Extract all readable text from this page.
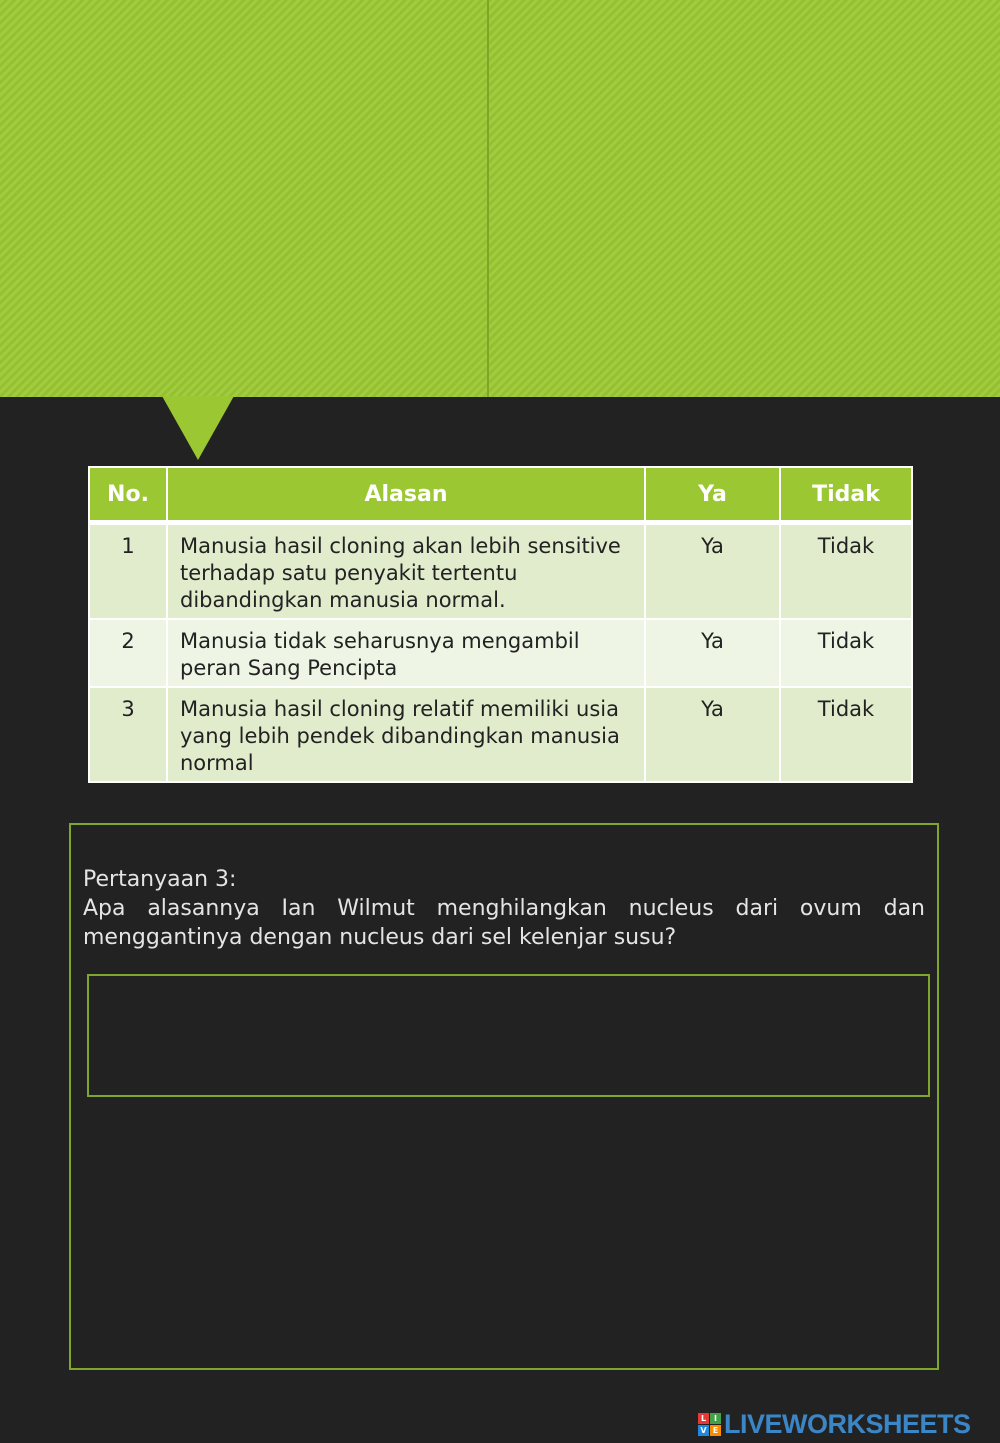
No.	Alasan	Ya	Tidak
1	Manusia hasil cloning akan lebih sensitive terhadap satu penyakit tertentu dibandingkan manusia normal.	Ya	Tidak
2	Manusia tidak seharusnya mengambil peran Sang Pencipta	Ya	Tidak
3	Manusia hasil cloning relatif memiliki usia yang lebih pendek dibandingkan manusia normal	Ya	Tidak
Pertanyaan 3:
Apa alasannya Ian Wilmut menghilangkan nucleus dari ovum dan menggantinya dengan nucleus dari sel kelenjar susu?
L I
V E LIVEWORKSHEETS
